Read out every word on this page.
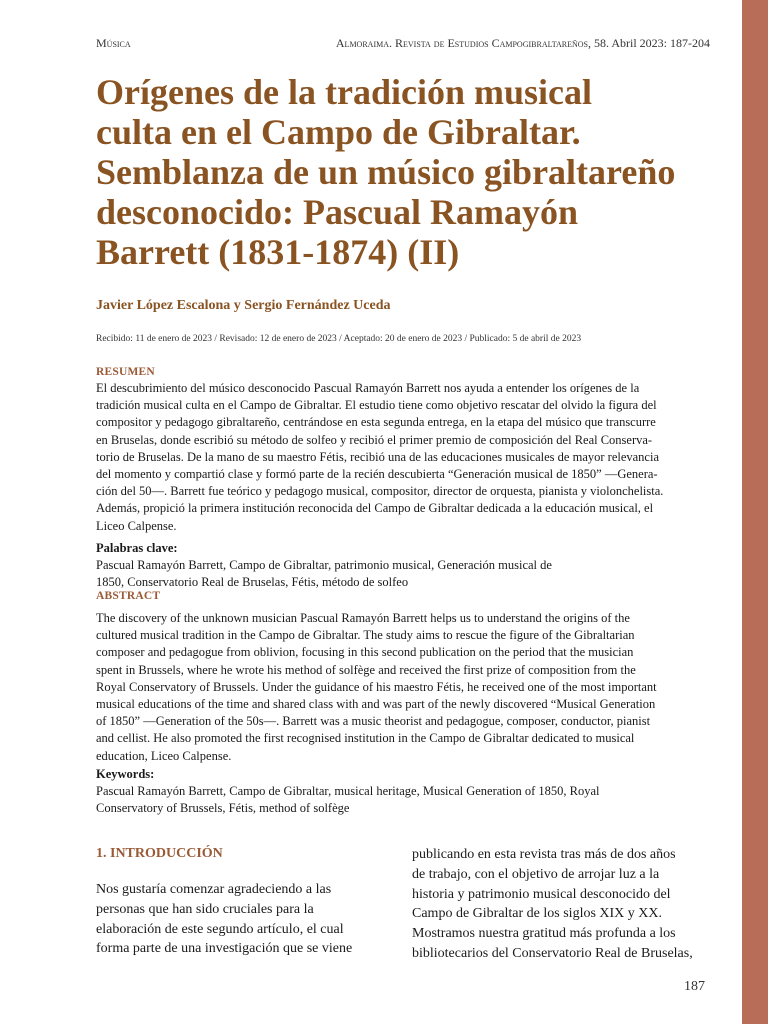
Música	Almoraima. Revista de Estudios Campogibraltareños, 58. Abril 2023: 187-204
Orígenes de la tradición musical
culta en el Campo de Gibraltar.
Semblanza de un músico gibraltareño
desconocido: Pascual Ramayón
Barrett (1831-1874) (II)
Javier López Escalona y Sergio Fernández Uceda
Recibido: 11 de enero de 2023 / Revisado: 12 de enero de 2023 / Aceptado: 20 de enero de 2023 / Publicado: 5 de abril de 2023
RESUMEN
El descubrimiento del músico desconocido Pascual Ramayón Barrett nos ayuda a entender los orígenes de la
tradición musical culta en el Campo de Gibraltar. El estudio tiene como objetivo rescatar del olvido la figura del
compositor y pedagogo gibraltareño, centrándose en esta segunda entrega, en la etapa del músico que transcurre
en Bruselas, donde escribió su método de solfeo y recibió el primer premio de composición del Real Conserva-
torio de Bruselas. De la mano de su maestro Fétis, recibió una de las educaciones musicales de mayor relevancia
del momento y compartió clase y formó parte de la recién descubierta “Generación musical de 1850” —Genera-
ción del 50—. Barrett fue teórico y pedagogo musical, compositor, director de orquesta, pianista y violonchelista.
Además, propició la primera institución reconocida del Campo de Gibraltar dedicada a la educación musical, el
Liceo Calpense.
Palabras clave:
Pascual Ramayón Barrett, Campo de Gibraltar, patrimonio musical, Generación musical de
1850, Conservatorio Real de Bruselas, Fétis, método de solfeo
ABSTRACT
The discovery of the unknown musician Pascual Ramayón Barrett helps us to understand the origins of the
cultured musical tradition in the Campo de Gibraltar. The study aims to rescue the figure of the Gibraltarian
composer and pedagogue from oblivion, focusing in this second publication on the period that the musician
spent in Brussels, where he wrote his method of solfège and received the first prize of composition from the
Royal Conservatory of Brussels. Under the guidance of his maestro Fétis, he received one of the most important
musical educations of the time and shared class with and was part of the newly discovered “Musical Generation
of 1850” —Generation of the 50s—. Barrett was a music theorist and pedagogue, composer, conductor, pianist
and cellist. He also promoted the first recognised institution in the Campo de Gibraltar dedicated to musical
education, Liceo Calpense.
Keywords:
Pascual Ramayón Barrett, Campo de Gibraltar, musical heritage, Musical Generation of 1850, Royal
Conservatory of Brussels, Fétis, method of solfège
1. INTRODUCCIÓN
Nos gustaría comenzar agradeciendo a las
personas que han sido cruciales para la
elaboración de este segundo artículo, el cual
forma parte de una investigación que se viene
publicando en esta revista tras más de dos años
de trabajo, con el objetivo de arrojar luz a la
historia y patrimonio musical desconocido del
Campo de Gibraltar de los siglos XIX y XX.
Mostramos nuestra gratitud más profunda a los
bibliotecarios del Conservatorio Real de Bruselas,
187
